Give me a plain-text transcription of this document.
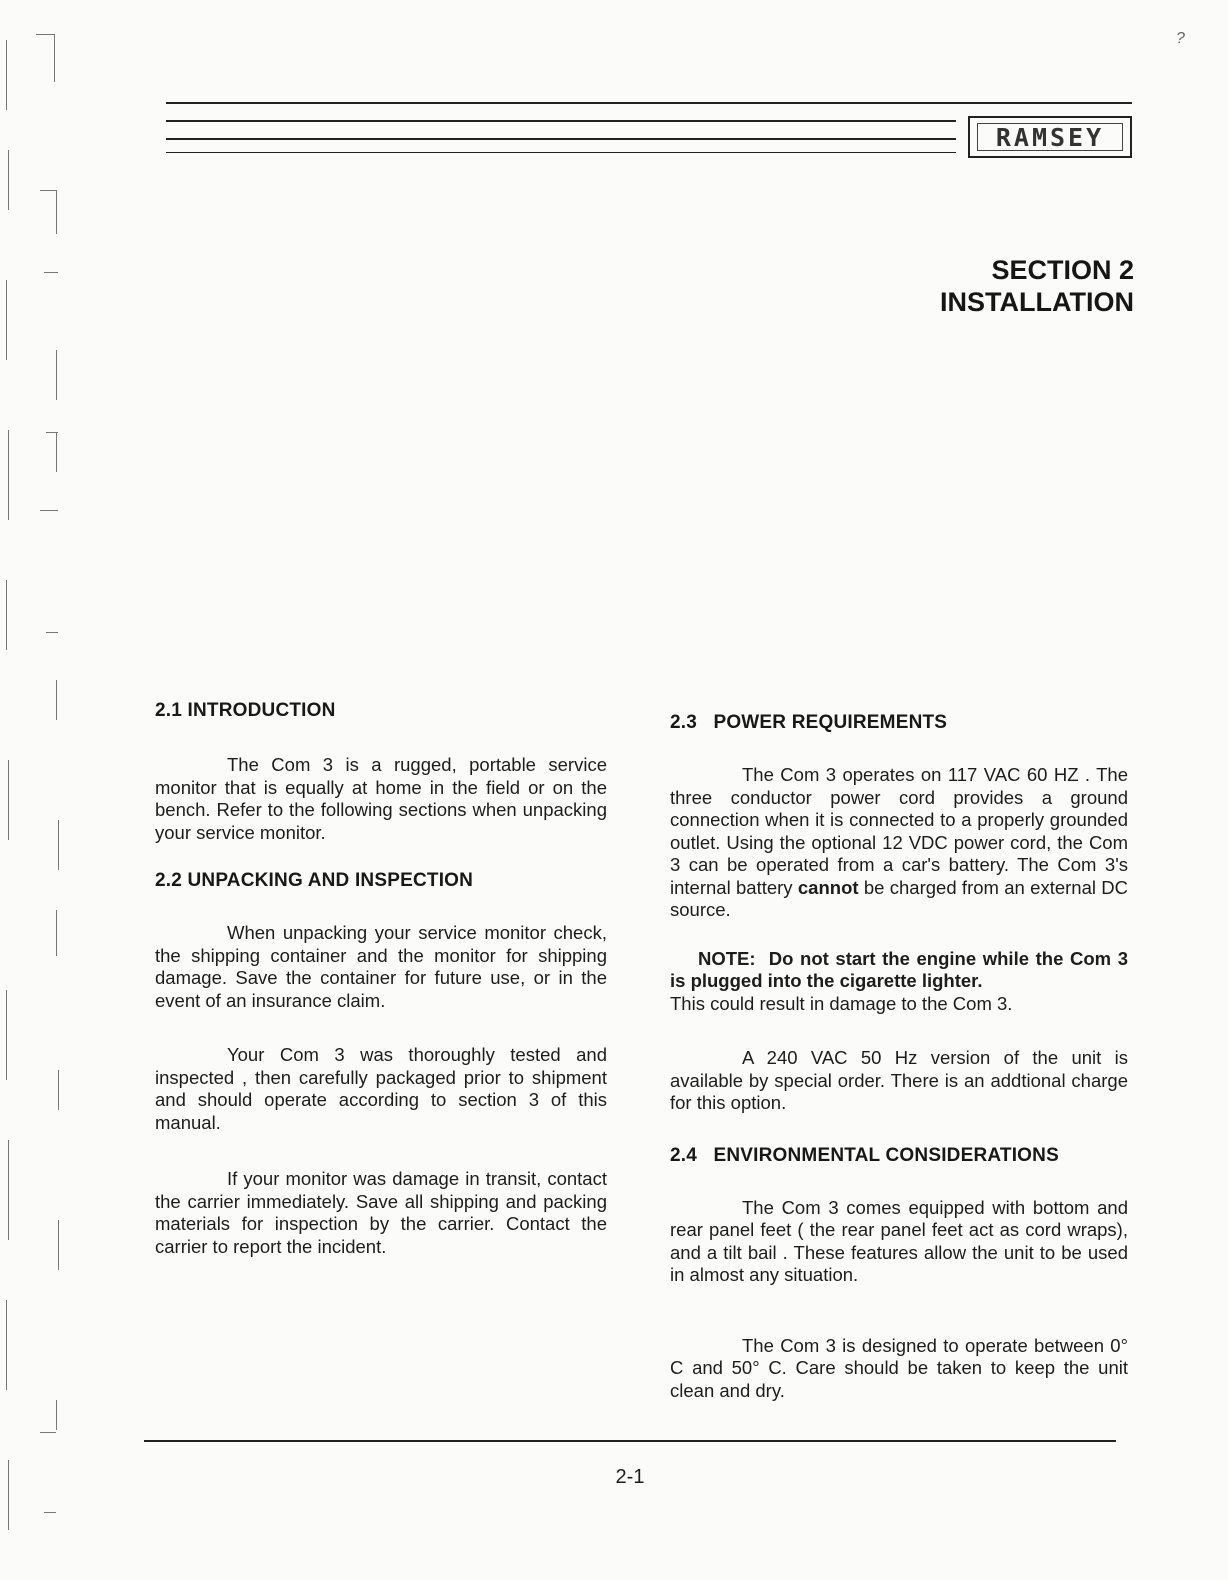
RAMSEY
?
SECTION 2
INSTALLATION
2.1 INTRODUCTION

The Com 3 is a rugged, portable service monitor that is equally at home in the field or on the bench. Refer to the following sections when unpacking your service monitor.

2.2 UNPACKING AND INSPECTION

When unpacking your service monitor check, the shipping container and the monitor for shipping damage. Save the container for future use, or in the event of an insurance claim.

Your Com 3 was thoroughly tested and inspected , then carefully packaged prior to shipment and should operate according to section 3 of this manual.

If your monitor was damage in transit, contact the carrier immediately. Save all shipping and packing materials for inspection by the carrier. Contact the carrier to report the incident.

2.3   POWER REQUIREMENTS

The Com 3 operates on 117 VAC 60 HZ . The three conductor power cord provides a ground connection when it is connected to a properly grounded outlet. Using the optional 12 VDC power cord, the Com 3 can be operated from a car's battery. The Com 3's internal battery cannot be charged from an external DC source.

NOTE:  Do not start the engine while the Com 3 is plugged into the cigarette lighter.

This could result in damage to the Com 3.

A 240 VAC 50 Hz version of the unit is available by special order. There is an addtional charge for this option.

2.4   ENVIRONMENTAL CONSIDERATIONS

The Com 3 comes equipped with bottom and rear panel feet ( the rear panel feet act as cord wraps), and a tilt bail . These features allow the unit to be used in almost any situation.

The Com 3 is designed to operate between 0°  C and 50° C. Care should be taken to keep the unit clean and dry.

2-1
